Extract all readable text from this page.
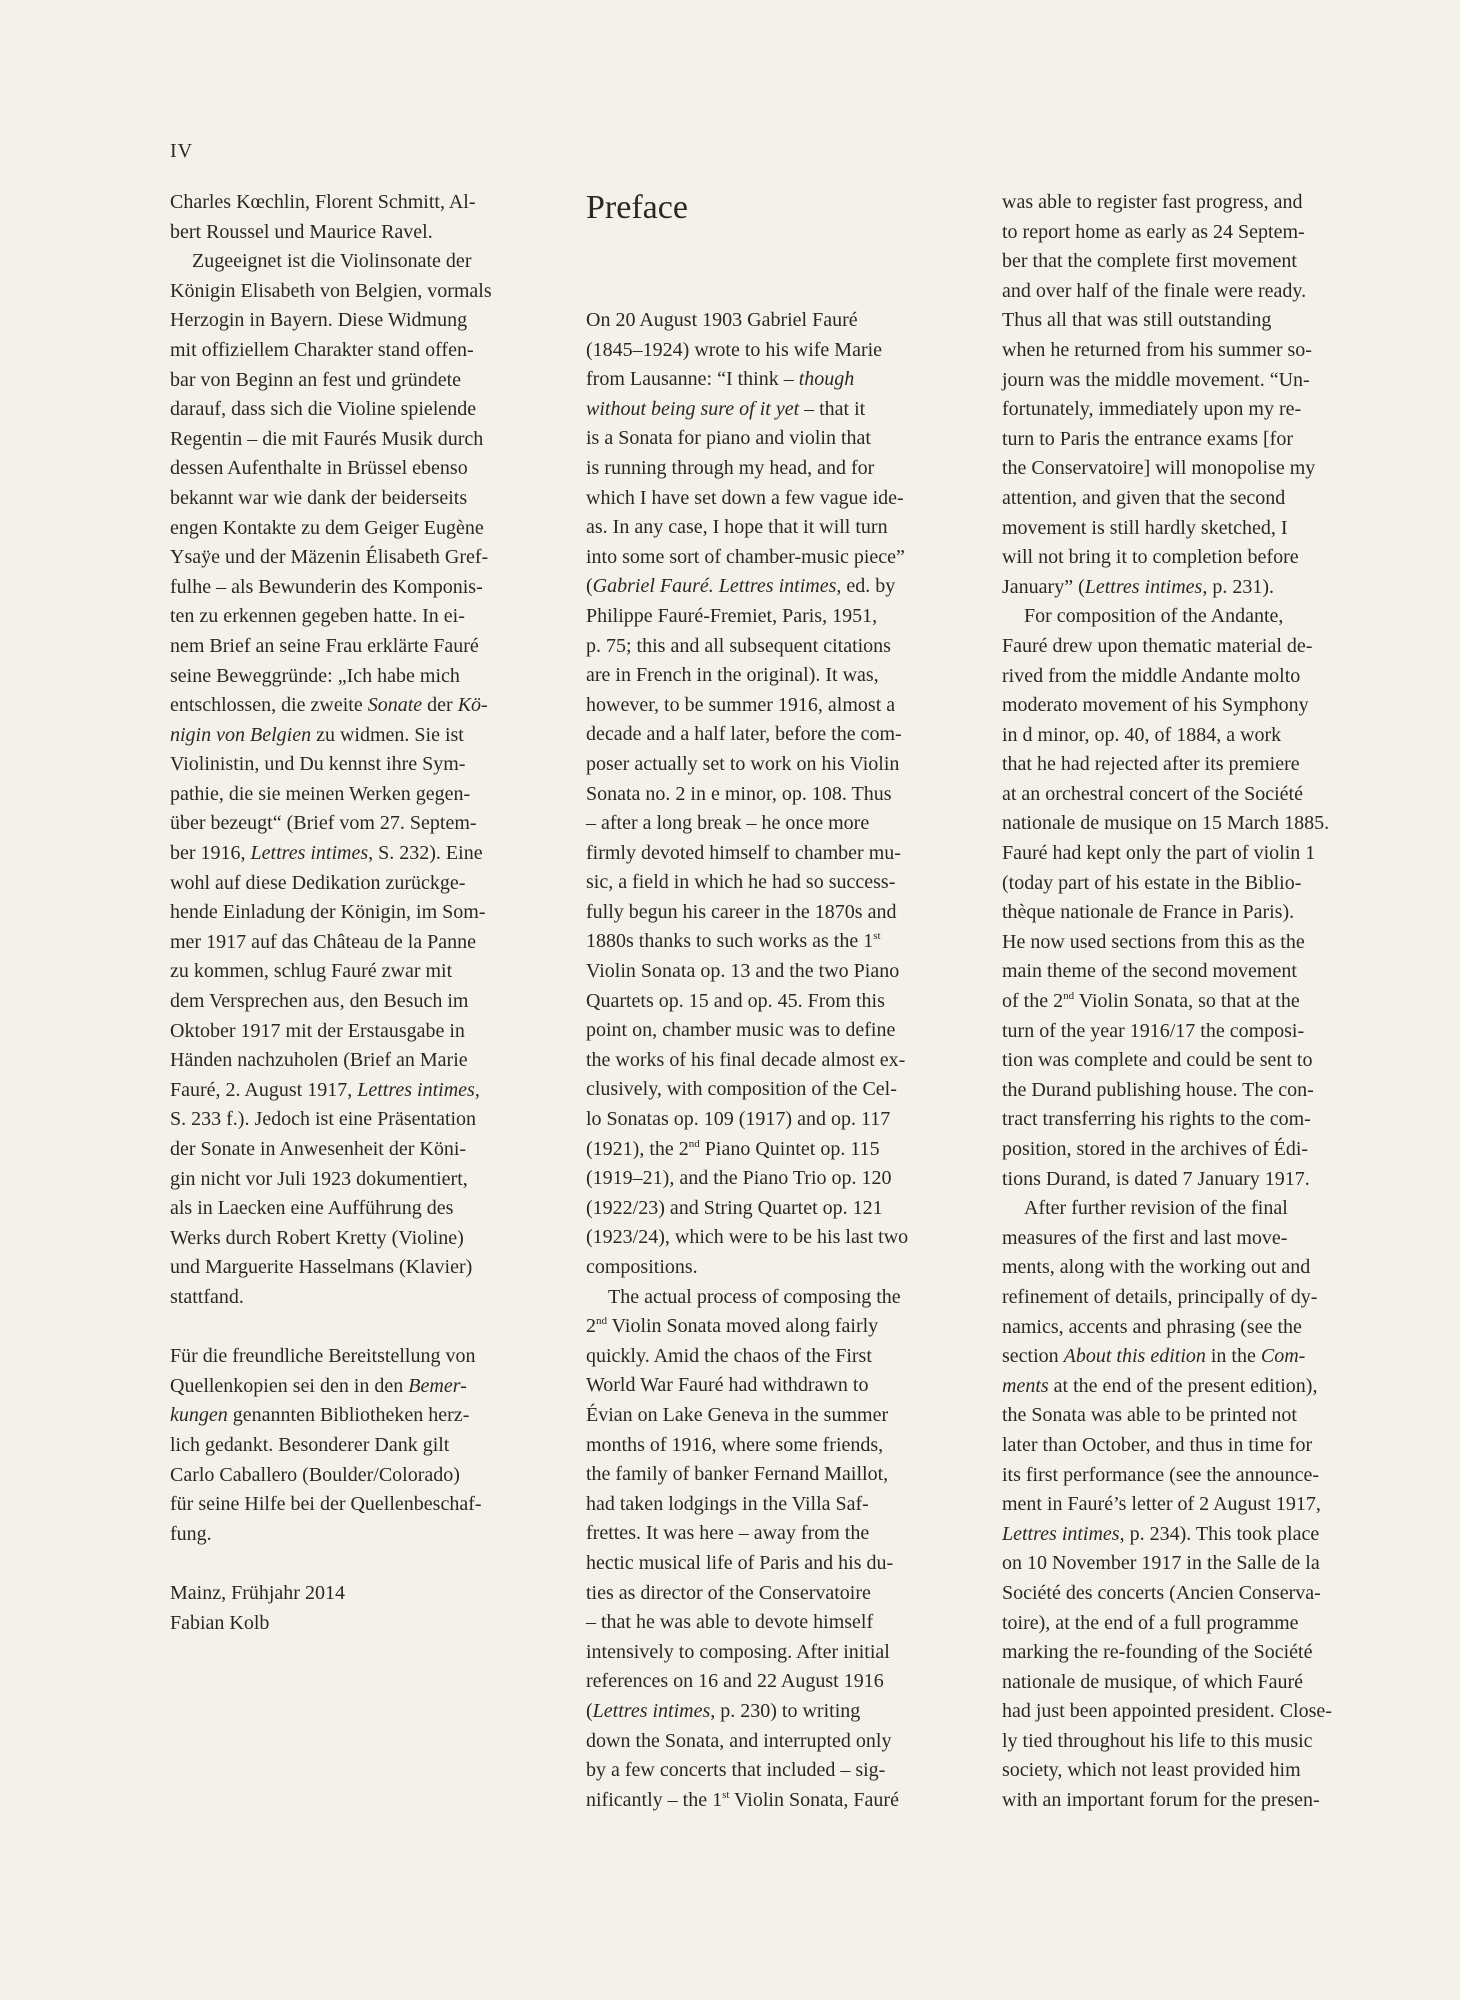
IV
Charles Kœchlin, Florent Schmitt, Al-
bert Roussel und Maurice Ravel.
Zugeeignet ist die Violinsonate der
Königin Elisabeth von Belgien, vormals
Herzogin in Bayern. Diese Widmung
mit offiziellem Charakter stand offen-
bar von Beginn an fest und gründete
darauf, dass sich die Violine spielende
Regentin – die mit Faurés Musik durch
dessen Aufenthalte in Brüssel ebenso
bekannt war wie dank der beiderseits
engen Kontakte zu dem Geiger Eugène
Ysaÿe und der Mäzenin Élisabeth Gref-
fulhe – als Bewunderin des Komponis-
ten zu erkennen gegeben hatte. In ei-
nem Brief an seine Frau erklärte Fauré
seine Beweggründe: „Ich habe mich
entschlossen, die zweite Sonate der Kö-
nigin von Belgien zu widmen. Sie ist
Violinistin, und Du kennst ihre Sym-
pathie, die sie meinen Werken gegen-
über bezeugt“ (Brief vom 27. Septem-
ber 1916, Lettres intimes, S. 232). Eine
wohl auf diese Dedikation zurückge-
hende Einladung der Königin, im Som-
mer 1917 auf das Château de la Panne
zu kommen, schlug Fauré zwar mit
dem Versprechen aus, den Besuch im
Oktober 1917 mit der Erstausgabe in
Händen nachzuholen (Brief an Marie
Fauré, 2. August 1917, Lettres intimes,
S. 233 f.). Jedoch ist eine Präsentation
der Sonate in Anwesenheit der Köni-
gin nicht vor Juli 1923 dokumentiert,
als in Laecken eine Aufführung des
Werks durch Robert Kretty (Violine)
und Marguerite Hasselmans (Klavier)
stattfand.
Für die freundliche Bereitstellung von
Quellenkopien sei den in den Bemer-
kungen genannten Bibliotheken herz-
lich gedankt. Besonderer Dank gilt
Carlo Caballero (Boulder/Colorado)
für seine Hilfe bei der Quellenbeschaf-
fung.
Mainz, Frühjahr 2014
Fabian Kolb
Preface
On 20 August 1903 Gabriel Fauré
(1845–1924) wrote to his wife Marie
from Lausanne: “I think – though
without being sure of it yet – that it
is a Sonata for piano and violin that
is running through my head, and for
which I have set down a few vague ide-
as. In any case, I hope that it will turn
into some sort of chamber-music piece”
(Gabriel Fauré. Lettres intimes, ed. by
Philippe Fauré-Fremiet, Paris, 1951,
p. 75; this and all subsequent citations
are in French in the original). It was,
however, to be summer 1916, almost a
decade and a half later, before the com-
poser actually set to work on his Violin
Sonata no. 2 in e minor, op. 108. Thus
– after a long break – he once more
firmly devoted himself to chamber mu-
sic, a field in which he had so success-
fully begun his career in the 1870s and
1880s thanks to such works as the 1st
Violin Sonata op. 13 and the two Piano
Quartets op. 15 and op. 45. From this
point on, chamber music was to define
the works of his final decade almost ex-
clusively, with composition of the Cel-
lo Sonatas op. 109 (1917) and op. 117
(1921), the 2nd Piano Quintet op. 115
(1919–21), and the Piano Trio op. 120
(1922/23) and String Quartet op. 121
(1923/24), which were to be his last two
compositions.
The actual process of composing the
2nd Violin Sonata moved along fairly
quickly. Amid the chaos of the First
World War Fauré had withdrawn to
Évian on Lake Geneva in the summer
months of 1916, where some friends,
the family of banker Fernand Maillot,
had taken lodgings in the Villa Saf-
frettes. It was here – away from the
hectic musical life of Paris and his du-
ties as director of the Conservatoire
– that he was able to devote himself
intensively to composing. After initial
references on 16 and 22 August 1916
(Lettres intimes, p. 230) to writing
down the Sonata, and interrupted only
by a few concerts that included – sig-
nificantly – the 1st Violin Sonata, Fauré
was able to register fast progress, and
to report home as early as 24 Septem-
ber that the complete first movement
and over half of the finale were ready.
Thus all that was still outstanding
when he returned from his summer so-
journ was the middle movement. “Un-
fortunately, immediately upon my re-
turn to Paris the entrance exams [for
the Conservatoire] will monopolise my
attention, and given that the second
movement is still hardly sketched, I
will not bring it to completion before
January” (Lettres intimes, p. 231).
For composition of the Andante,
Fauré drew upon thematic material de-
rived from the middle Andante molto
moderato movement of his Symphony
in d minor, op. 40, of 1884, a work
that he had rejected after its premiere
at an orchestral concert of the Société
nationale de musique on 15 March 1885.
Fauré had kept only the part of violin 1
(today part of his estate in the Biblio-
thèque nationale de France in Paris).
He now used sections from this as the
main theme of the second movement
of the 2nd Violin Sonata, so that at the
turn of the year 1916/17 the composi-
tion was complete and could be sent to
the Durand publishing house. The con-
tract transferring his rights to the com-
position, stored in the archives of Édi-
tions Durand, is dated 7 January 1917.
After further revision of the final
measures of the first and last move-
ments, along with the working out and
refinement of details, principally of dy-
namics, accents and phrasing (see the
section About this edition in the Com-
ments at the end of the present edition),
the Sonata was able to be printed not
later than October, and thus in time for
its first performance (see the announce-
ment in Fauré’s letter of 2 August 1917,
Lettres intimes, p. 234). This took place
on 10 November 1917 in the Salle de la
Société des concerts (Ancien Conserva-
toire), at the end of a full programme
marking the re-founding of the Société
nationale de musique, of which Fauré
had just been appointed president. Close-
ly tied throughout his life to this music
society, which not least provided him
with an important forum for the presen-
